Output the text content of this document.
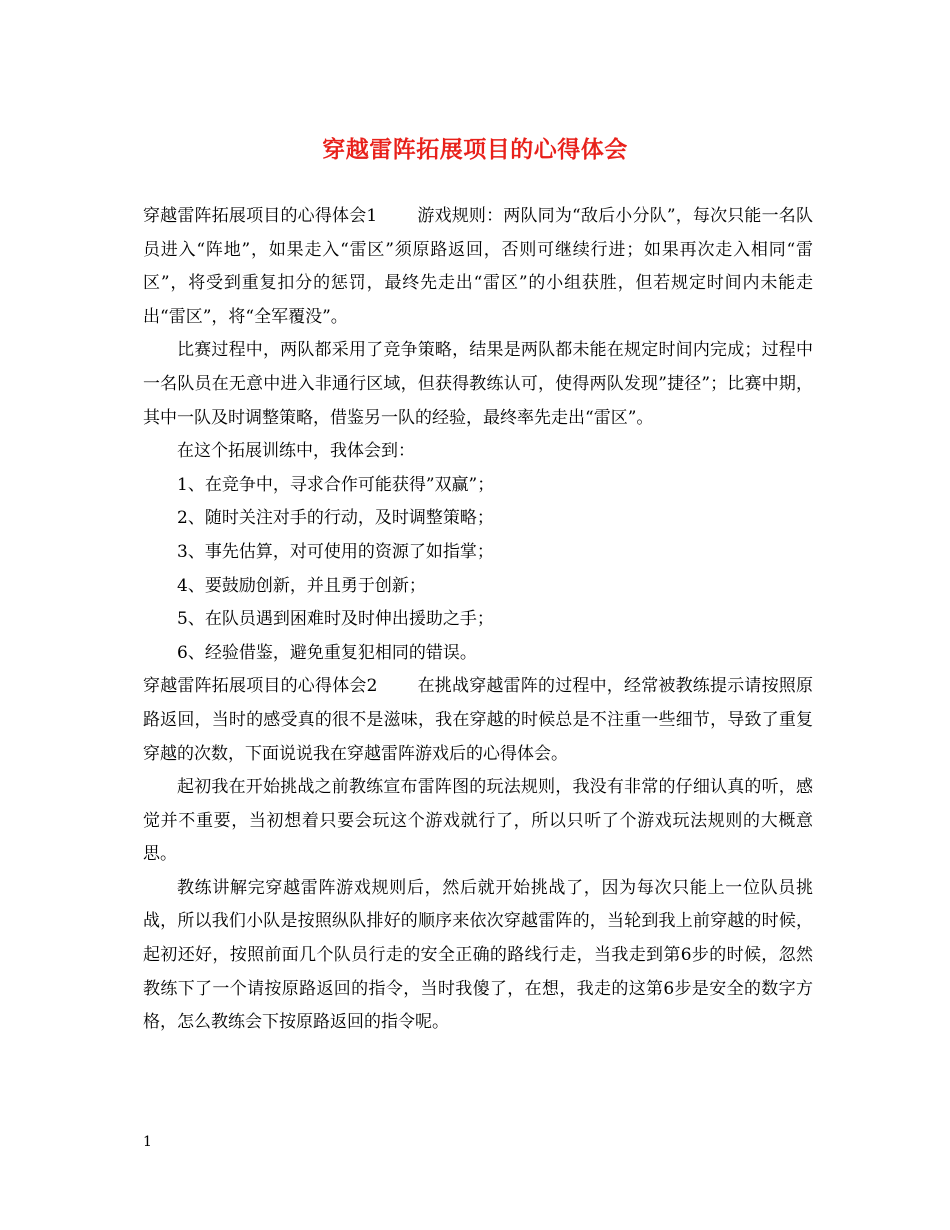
穿越雷阵拓展项目的心得体会

穿越雷阵拓展项目的心得体会1 游戏规则：两队同为“敌后小分队”，每次只能一名队员进入“阵地”，如果走入“雷区”须原路返回，否则可继续行进；如果再次走入相同“雷区”，将受到重复扣分的惩罚，最终先走出“雷区”的小组获胜，但若规定时间内未能走出“雷区”，将“全军覆没”。

比赛过程中，两队都采用了竞争策略，结果是两队都未能在规定时间内完成；过程中一名队员在无意中进入非通行区域，但获得教练认可，使得两队发现”捷径”；比赛中期，其中一队及时调整策略，借鉴另一队的经验，最终率先走出“雷区”。

在这个拓展训练中，我体会到：

1、在竞争中，寻求合作可能获得”双赢”；

2、随时关注对手的行动，及时调整策略；

3、事先估算，对可使用的资源了如指掌；

4、要鼓励创新，并且勇于创新；

5、在队员遇到困难时及时伸出援助之手；

6、经验借鉴，避免重复犯相同的错误。

穿越雷阵拓展项目的心得体会2 在挑战穿越雷阵的过程中，经常被教练提示请按照原路返回，当时的感受真的很不是滋味，我在穿越的时候总是不注重一些细节，导致了重复穿越的次数，下面说说我在穿越雷阵游戏后的心得体会。

起初我在开始挑战之前教练宣布雷阵图的玩法规则，我没有非常的仔细认真的听，感觉并不重要，当初想着只要会玩这个游戏就行了，所以只听了个游戏玩法规则的大概意思。

教练讲解完穿越雷阵游戏规则后，然后就开始挑战了，因为每次只能上一位队员挑战，所以我们小队是按照纵队排好的顺序来依次穿越雷阵的，当轮到我上前穿越的时候，起初还好，按照前面几个队员行走的安全正确的路线行走，当我走到第6步的时候，忽然教练下了一个请按原路返回的指令，当时我傻了，在想，我走的这第6步是安全的数字方格，怎么教练会下按原路返回的指令呢。

1
